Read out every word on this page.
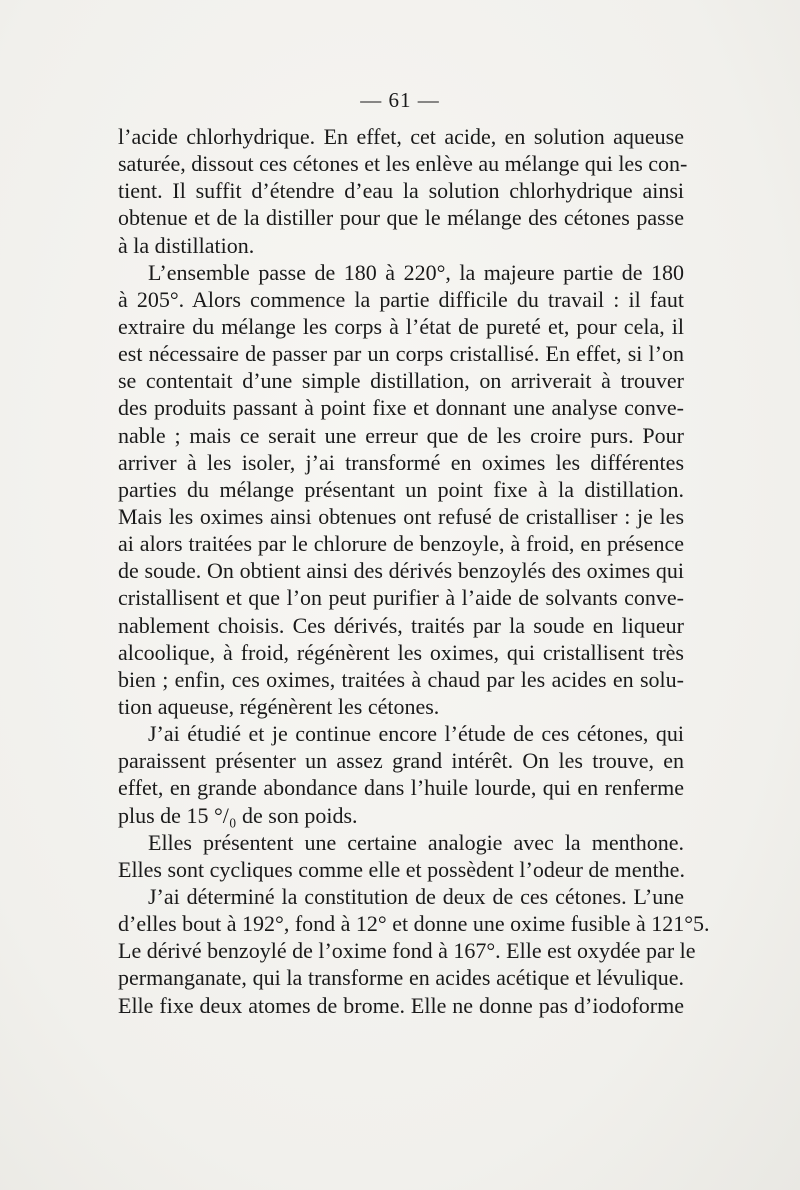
— 61 —
l’acide chlorhydrique. En effet, cet acide, en solution aqueuse
saturée, dissout ces cétones et les enlève au mélange qui les con-
tient. Il suffit d’étendre d’eau la solution chlorhydrique ainsi
obtenue et de la distiller pour que le mélange des cétones passe
à la distillation.
L’ensemble passe de 180 à 220°, la majeure partie de 180
à 205°. Alors commence la partie difficile du travail : il faut
extraire du mélange les corps à l’état de pureté et, pour cela, il
est nécessaire de passer par un corps cristallisé. En effet, si l’on
se contentait d’une simple distillation, on arriverait à trouver
des produits passant à point fixe et donnant une analyse conve-
nable ; mais ce serait une erreur que de les croire purs. Pour
arriver à les isoler, j’ai transformé en oximes les différentes
parties du mélange présentant un point fixe à la distillation.
Mais les oximes ainsi obtenues ont refusé de cristalliser : je les
ai alors traitées par le chlorure de benzoyle, à froid, en présence
de soude. On obtient ainsi des dérivés benzoylés des oximes qui
cristallisent et que l’on peut purifier à l’aide de solvants conve-
nablement choisis. Ces dérivés, traités par la soude en liqueur
alcoolique, à froid, régénèrent les oximes, qui cristallisent très
bien ; enfin, ces oximes, traitées à chaud par les acides en solu-
tion aqueuse, régénèrent les cétones.
J’ai étudié et je continue encore l’étude de ces cétones, qui
paraissent présenter un assez grand intérêt. On les trouve, en
effet, en grande abondance dans l’huile lourde, qui en renferme
plus de 15 °/₀ de son poids.
Elles présentent une certaine analogie avec la menthone.
Elles sont cycliques comme elle et possèdent l’odeur de menthe.
J’ai déterminé la constitution de deux de ces cétones. L’une
d’elles bout à 192°, fond à 12° et donne une oxime fusible à 121°5.
Le dérivé benzoylé de l’oxime fond à 167°. Elle est oxydée par le
permanganate, qui la transforme en acides acétique et lévulique.
Elle fixe deux atomes de brome. Elle ne donne pas d’iodoforme
